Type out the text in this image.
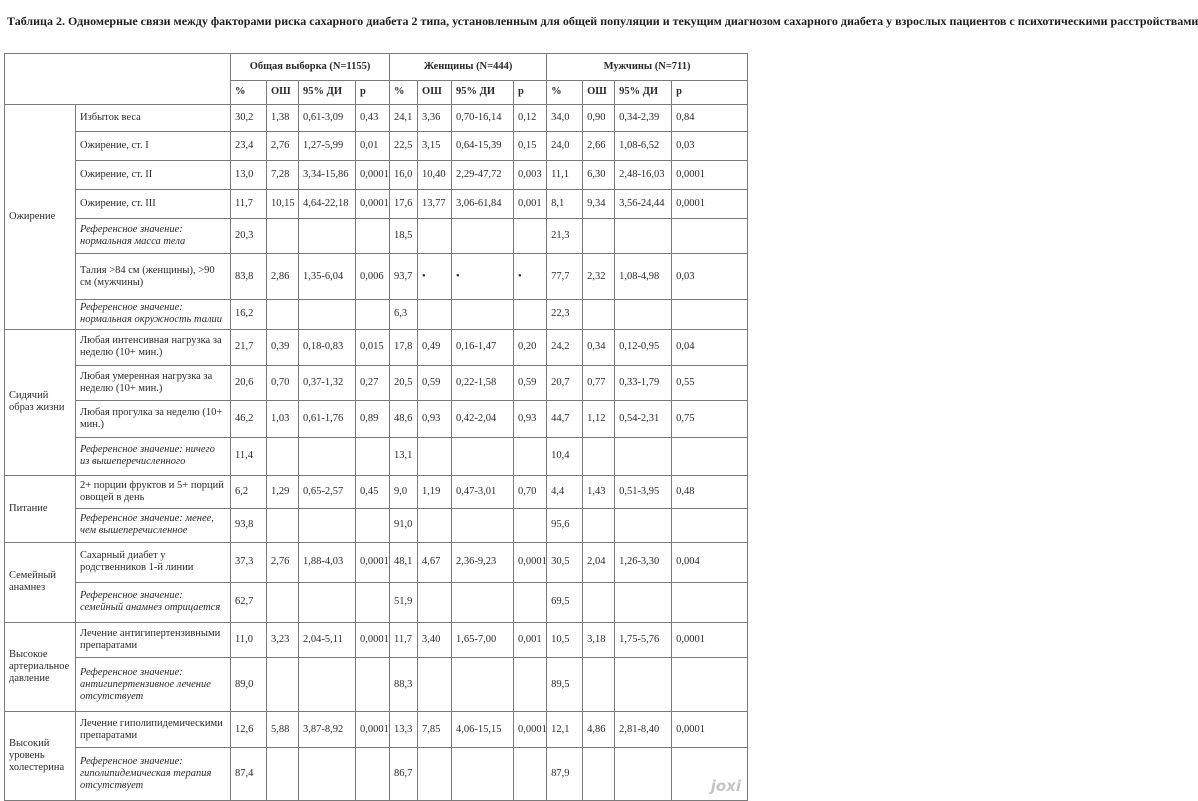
Таблица 2. Одномерные связи между факторами риска сахарного диабета 2 типа, установленным для общей популяции и текущим диагнозом сахарного диабета у взрослых пациентов с психотическими расстройствами
		Общая выборка (N=1155)				Женщины (N=444)				Мужчины (N=711)			
		%	ОШ	95% ДИ	р	%	ОШ	95% ДИ	р	%	ОШ	95% ДИ	р
Ожирение	Избыток веса	30,2	1,38	0,61-3,09	0,43	24,1	3,36	0,70-16,14	0,12	34,0	0,90	0,34-2,39	0,84
	Ожирение, ст. I	23,4	2,76	1,27-5,99	0,01	22,5	3,15	0,64-15,39	0,15	24,0	2,66	1,08-6,52	0,03
	Ожирение, ст. II	13,0	7,28	3,34-15,86	0,0001	16,0	10,40	2,29-47,72	0,003	11,1	6,30	2,48-16,03	0,0001
	Ожирение, ст. III	11,7	10,15	4,64-22,18	0,0001	17,6	13,77	3,06-61,84	0,001	8,1	9,34	3,56-24,44	0,0001
	Референсное значение: нормальная масса тела	20,3				18,5				21,3			
	Талия >84 см (женщины), >90 см (мужчины)	83,8	2,86	1,35-6,04	0,006	93,7	•	•	•	77,7	2,32	1,08-4,98	0,03
	Референсное значение: нормальная окружность талии	16,2				6,3				22,3			
Сидячий образ жизни	Любая интенсивная нагрузка за неделю (10+ мин.)	21,7	0,39	0,18-0,83	0,015	17,8	0,49	0,16-1,47	0,20	24,2	0,34	0,12-0,95	0,04
	Любая умеренная нагрузка за неделю (10+ мин.)	20,6	0,70	0,37-1,32	0,27	20,5	0,59	0,22-1,58	0,59	20,7	0,77	0,33-1,79	0,55
	Любая прогулка за неделю (10+ мин.)	46,2	1,03	0,61-1,76	0,89	48,6	0,93	0,42-2,04	0,93	44,7	1,12	0,54-2,31	0,75
	Референсное значение: ничего из вышеперечисленного	11,4				13,1				10,4			
Питание	2+ порции фруктов и 5+ порций овощей в день	6,2	1,29	0,65-2,57	0,45	9,0	1,19	0,47-3,01	0,70	4,4	1,43	0,51-3,95	0,48
	Референсное значение: менее, чем вышеперечисленное	93,8				91,0				95,6			
Семейный анамнез	Сахарный диабет у родственников 1-й линии	37,3	2,76	1,88-4,03	0,0001	48,1	4,67	2,36-9,23	0,0001	30,5	2,04	1,26-3,30	0,004
	Референсное значение: семейный анамнез отрицается	62,7				51,9				69,5			
Высокое артериальное давление	Лечение антигипертензивными препаратами	11,0	3,23	2,04-5,11	0,0001	11,7	3,40	1,65-7,00	0,001	10,5	3,18	1,75-5,76	0,0001
	Референсное значение: антигипертензивное лечение отсутствует	89,0				88,3				89,5			
Высокий уровень холестерина	Лечение гиполипидемическими препаратами	12,6	5,88	3,87-8,92	0,0001	13,3	7,85	4,06-15,15	0,0001	12,1	4,86	2,81-8,40	0,0001
	Референсное значение: гиполипидемическая терапия отсутствует	87,4				86,7				87,9			
joxi
